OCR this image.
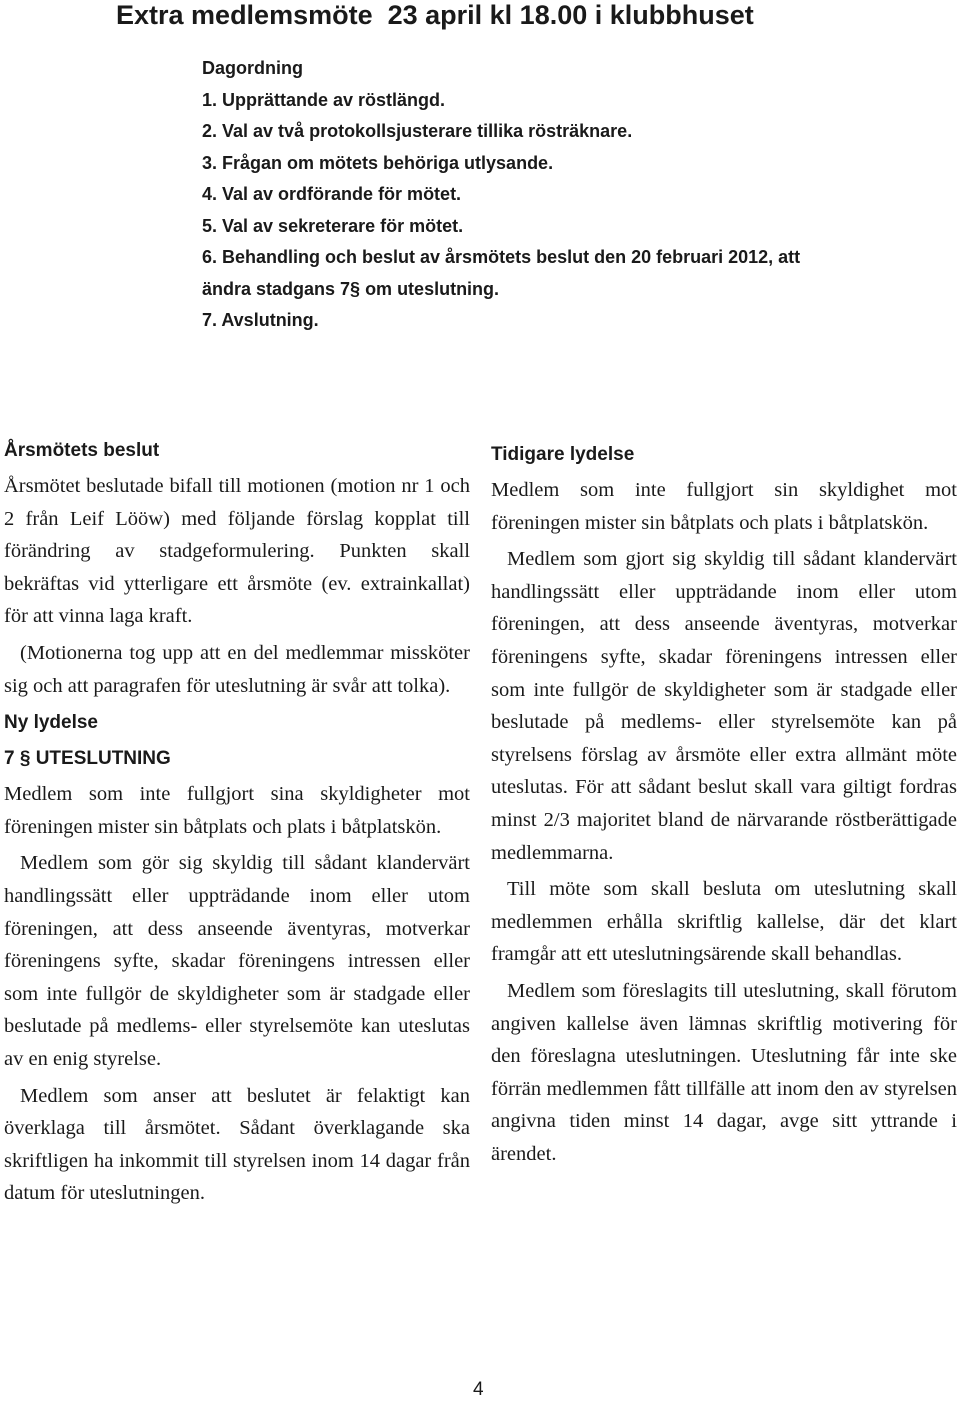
Extra medlemsmöte  23 april kl 18.00 i klubbhuset
Dagordning
1. Upprättande av röstlängd.
2. Val av två protokollsjusterare tillika rösträknare.
3. Frågan om mötets behöriga utlysande.
4. Val av ordförande för mötet.
5. Val av sekreterare för mötet.
6. Behandling och beslut av årsmötets beslut den 20 februari 2012, att ändra stadgans 7§ om uteslutning.
7. Avslutning.
Årsmötets beslut

Årsmötet beslutade bifall till motionen (motion nr 1 och 2 från Leif Lööw) med följande förslag kopplat till förändring av stadgeformulering. Punkten skall bekräftas vid ytterligare ett årsmöte (ev. extrainkallat) för att vinna laga kraft.

(Motionerna tog upp att en del medlemmar missköter sig och att paragrafen för uteslutning är svår att tolka).

Ny lydelse
7 § UTESLUTNING

Medlem som inte fullgjort sina skyldigheter mot föreningen mister sin båtplats och plats i båtplatskön.

Medlem som gör sig skyldig till sådant klandervärt handlingssätt eller uppträdande inom eller utom föreningen, att dess anseende äventyras, motverkar föreningens syfte, skadar föreningens intressen eller som inte fullgör de skyldigheter som är stadgade eller beslutade på medlems- eller styrelsemöte kan uteslutas av en enig styrelse.

Medlem som anser att beslutet är felaktigt kan överklaga till årsmötet. Sådant överklagande ska skriftligen ha inkommit till styrelsen inom 14 dagar från datum för uteslutningen.

Tidigare lydelse

Medlem som inte fullgjort sin skyldighet mot föreningen mister sin båtplats och plats i båtplatskön.

Medlem som gjort sig skyldig till sådant klandervärt handlingssätt eller uppträdande inom eller utom föreningen, att dess anseende äventyras, motverkar föreningens syfte, skadar föreningens intressen eller som inte fullgör de skyldigheter som är stadgade eller beslutade på medlems- eller styrelsemöte kan på styrelsens förslag av årsmöte eller extra allmänt möte uteslutas. För att sådant beslut skall vara giltigt fordras minst 2/3 majoritet bland de närvarande röstberättigade medlemmarna.

Till möte som skall besluta om uteslutning skall medlemmen erhålla skriftlig kallelse, där det klart framgår att ett uteslutningsärende skall behandlas.

Medlem som föreslagits till uteslutning, skall förutom angiven kallelse även lämnas skriftlig motivering för den föreslagna uteslutningen. Uteslutning får inte ske förrän medlemmen fått tillfälle att inom den av styrelsen angivna tiden minst 14 dagar, avge sitt yttrande i ärendet.

4
